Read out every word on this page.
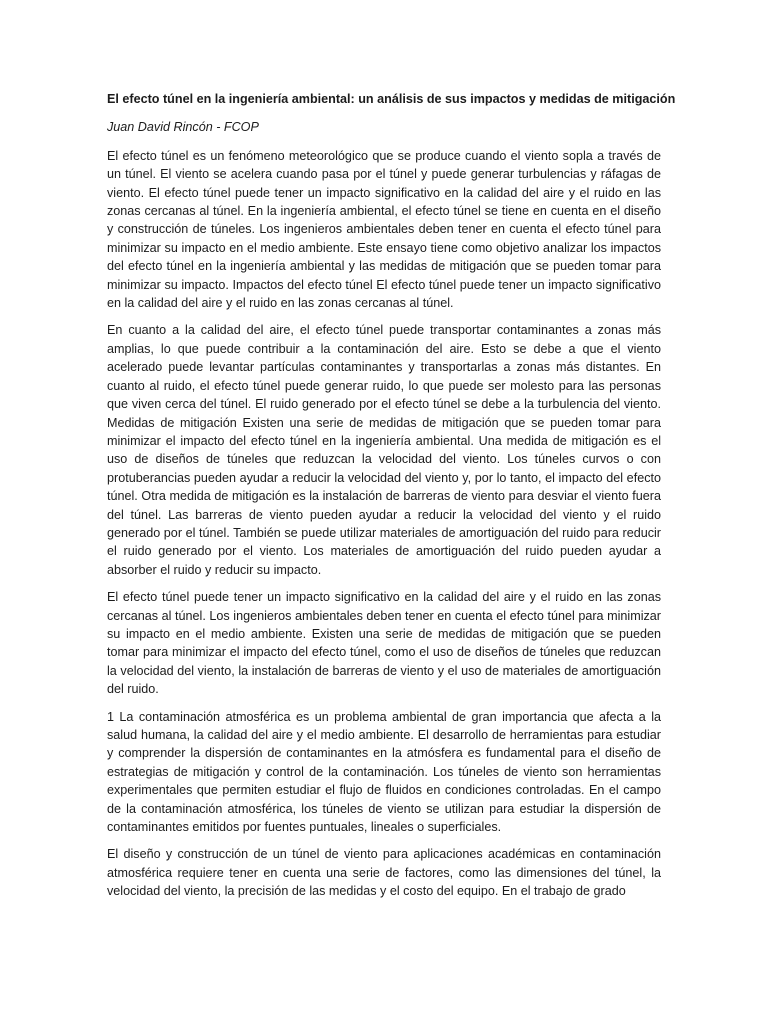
El efecto túnel en la ingeniería ambiental: un análisis de sus impactos y medidas de mitigación
Juan David Rincón - FCOP

El efecto túnel es un fenómeno meteorológico que se produce cuando el viento sopla a través de un túnel. El viento se acelera cuando pasa por el túnel y puede generar turbulencias y ráfagas de viento. El efecto túnel puede tener un impacto significativo en la calidad del aire y el ruido en las zonas cercanas al túnel. En la ingeniería ambiental, el efecto túnel se tiene en cuenta en el diseño y construcción de túneles. Los ingenieros ambientales deben tener en cuenta el efecto túnel para minimizar su impacto en el medio ambiente. Este ensayo tiene como objetivo analizar los impactos del efecto túnel en la ingeniería ambiental y las medidas de mitigación que se pueden tomar para minimizar su impacto. Impactos del efecto túnel El efecto túnel puede tener un impacto significativo en la calidad del aire y el ruido en las zonas cercanas al túnel.

En cuanto a la calidad del aire, el efecto túnel puede transportar contaminantes a zonas más amplias, lo que puede contribuir a la contaminación del aire. Esto se debe a que el viento acelerado puede levantar partículas contaminantes y transportarlas a zonas más distantes. En cuanto al ruido, el efecto túnel puede generar ruido, lo que puede ser molesto para las personas que viven cerca del túnel. El ruido generado por el efecto túnel se debe a la turbulencia del viento. Medidas de mitigación Existen una serie de medidas de mitigación que se pueden tomar para minimizar el impacto del efecto túnel en la ingeniería ambiental. Una medida de mitigación es el uso de diseños de túneles que reduzcan la velocidad del viento. Los túneles curvos o con protuberancias pueden ayudar a reducir la velocidad del viento y, por lo tanto, el impacto del efecto túnel. Otra medida de mitigación es la instalación de barreras de viento para desviar el viento fuera del túnel. Las barreras de viento pueden ayudar a reducir la velocidad del viento y el ruido generado por el túnel. También se puede utilizar materiales de amortiguación del ruido para reducir el ruido generado por el viento. Los materiales de amortiguación del ruido pueden ayudar a absorber el ruido y reducir su impacto.

El efecto túnel puede tener un impacto significativo en la calidad del aire y el ruido en las zonas cercanas al túnel. Los ingenieros ambientales deben tener en cuenta el efecto túnel para minimizar su impacto en el medio ambiente. Existen una serie de medidas de mitigación que se pueden tomar para minimizar el impacto del efecto túnel, como el uso de diseños de túneles que reduzcan la velocidad del viento, la instalación de barreras de viento y el uso de materiales de amortiguación del ruido.

1 La contaminación atmosférica es un problema ambiental de gran importancia que afecta a la salud humana, la calidad del aire y el medio ambiente. El desarrollo de herramientas para estudiar y comprender la dispersión de contaminantes en la atmósfera es fundamental para el diseño de estrategias de mitigación y control de la contaminación. Los túneles de viento son herramientas experimentales que permiten estudiar el flujo de fluidos en condiciones controladas. En el campo de la contaminación atmosférica, los túneles de viento se utilizan para estudiar la dispersión de contaminantes emitidos por fuentes puntuales, lineales o superficiales.

El diseño y construcción de un túnel de viento para aplicaciones académicas en contaminación atmosférica requiere tener en cuenta una serie de factores, como las dimensiones del túnel, la velocidad del viento, la precisión de las medidas y el costo del equipo. En el trabajo de grado
